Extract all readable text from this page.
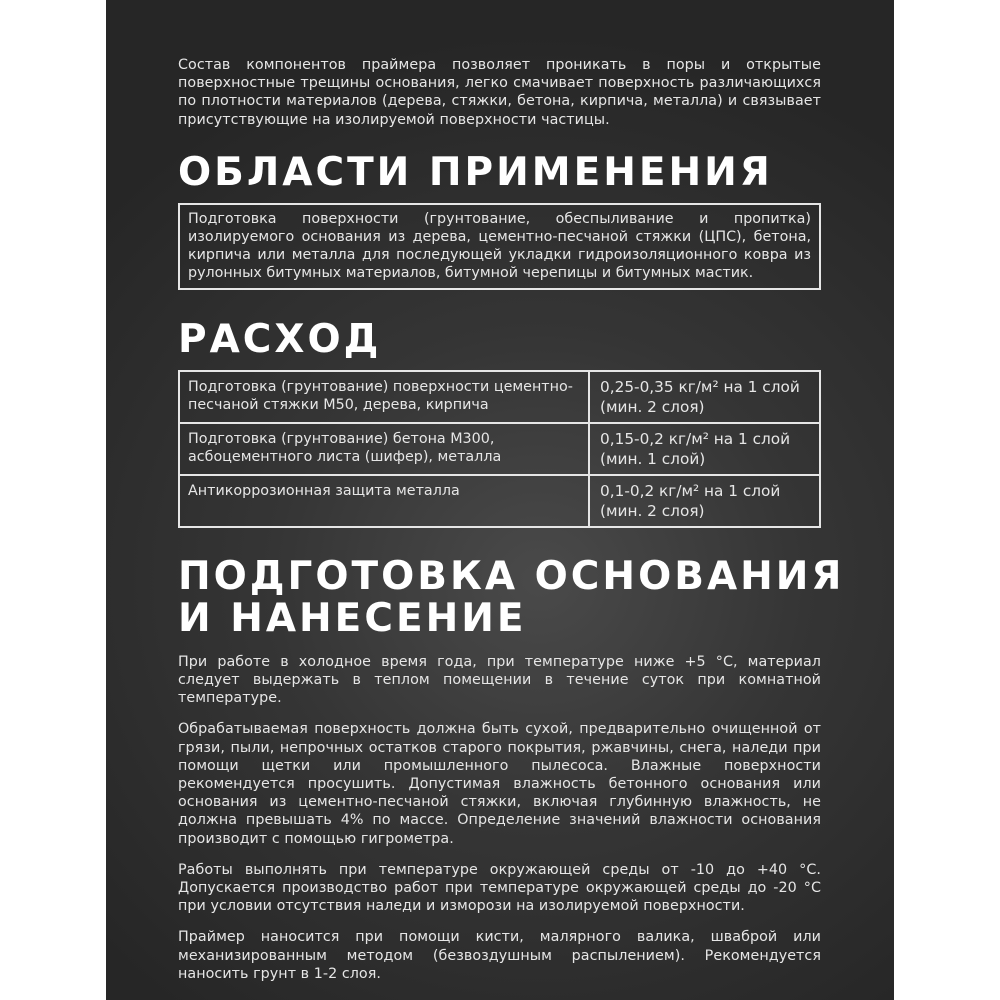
Состав компонентов праймера позволяет проникать в поры и открытые поверхностные трещины основания, легко смачивает поверхность различающихся по плотности материалов (дерева, стяжки, бетона, кирпича, металла) и связывает присутствующие на изолируемой поверхности частицы.

ОБЛАСТИ ПРИМЕНЕНИЯ
Подготовка поверхности (грунтование, обеспыливание и пропитка) изолируемого основания из дерева, цементно-песчаной стяжки (ЦПС), бетона, кирпича или металла для последующей укладки гидроизоляционного ковра из рулонных битумных материалов, битумной черепицы и битумных мастик.
РАСХОД
Подготовка (грунтование) поверхности цементно-песчаной стяжки М50, дерева, кирпича	0,25-0,35 кг/м² на 1 слой
(мин. 2 слоя)

Подготовка (грунтование) бетона М300, асбоцементного листа (шифер), металла	0,15-0,2 кг/м² на 1 слой
(мин. 1 слой)

Антикоррозионная защита металла	0,1-0,2 кг/м² на 1 слой
(мин. 2 слоя)
ПОДГОТОВКА ОСНОВАНИЯ
И НАНЕСЕНИЕ

При работе в холодное время года, при температуре ниже +5 °С, материал следует выдержать в теплом помещении в течение суток при комнатной температуре.

Обрабатываемая поверхность должна быть сухой, предварительно очищенной от грязи, пыли, непрочных остатков старого покрытия, ржавчины, снега, наледи при помощи щетки или промышленного пылесоса. Влажные поверхности рекомендуется просушить. Допустимая влажность бетонного основания или основания из цементно-песчаной стяжки, включая глубинную влажность, не должна превышать 4% по массе. Определение значений влажности основания производит с помощью гигрометра.

Работы выполнять при температуре окружающей среды от -10 до +40 °С. Допускается производство работ при температуре окружающей среды до -20 °С при условии отсутствия наледи и изморози на изолируемой поверхности.

Праймер наносится при помощи кисти, малярного валика, шваброй или механизированным методом (безвоздушным распылением). Рекомендуется наносить грунт в 1-2 слоя.
